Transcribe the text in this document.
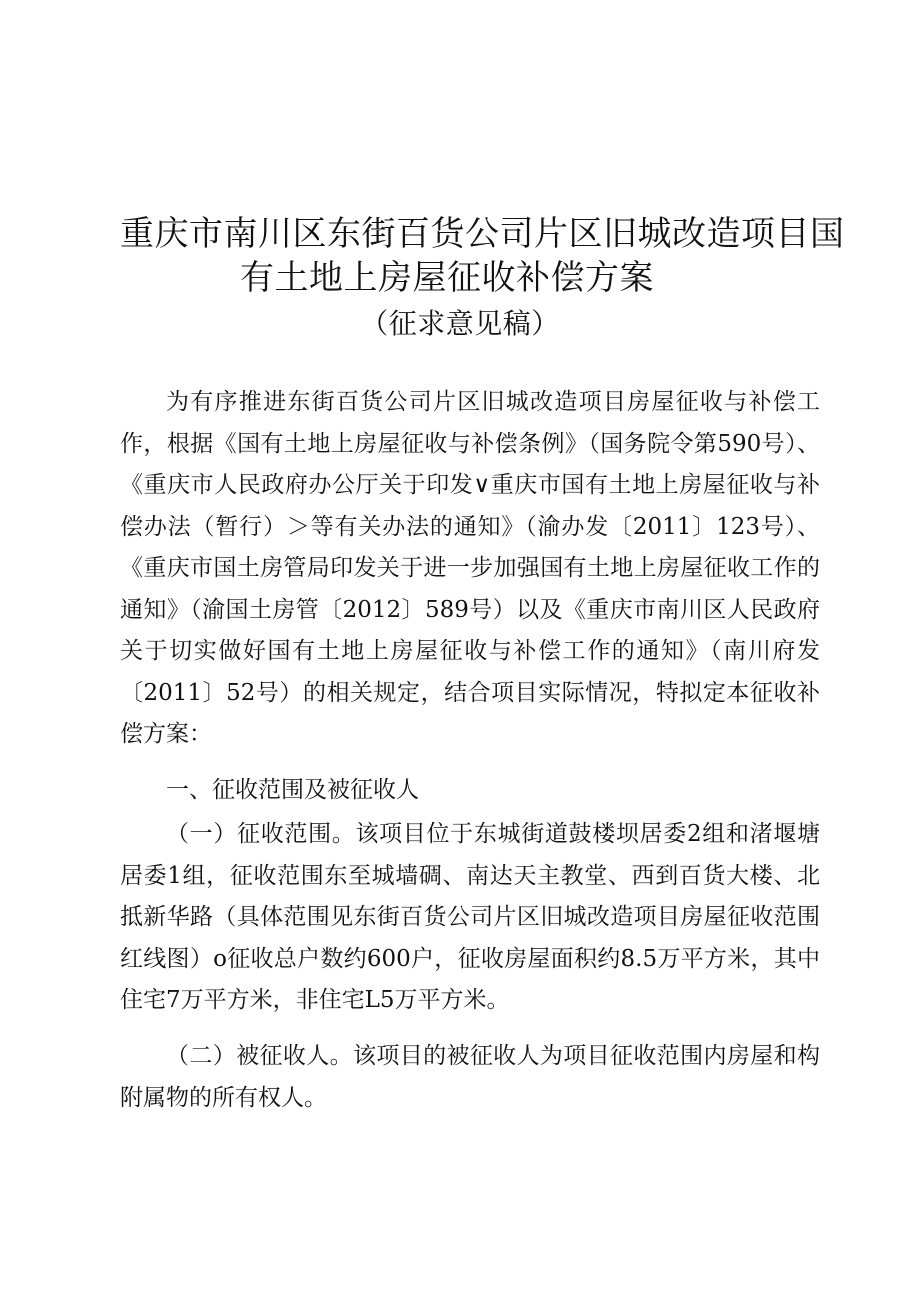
重庆市南川区东街百货公司片区旧城改造项目国
有土地上房屋征收补偿方案
（征求意见稿）

为有序推进东街百货公司片区旧城改造项目房屋征收与补偿工作，根据《国有土地上房屋征收与补偿条例》（国务院令第590号）、《重庆市人民政府办公厅关于印发∨重庆市国有土地上房屋征收与补偿办法（暂行）＞等有关办法的通知》（渝办发〔2011〕123号）、《重庆市国土房管局印发关于进一步加强国有土地上房屋征收工作的通知》（渝国土房管〔2012〕589号）以及《重庆市南川区人民政府关于切实做好国有土地上房屋征收与补偿工作的通知》（南川府发〔2011〕52号）的相关规定，结合项目实际情况，特拟定本征收补偿方案：

一、征收范围及被征收人

（一）征收范围。该项目位于东城街道鼓楼坝居委2组和渚堰塘居委1组，征收范围东至城墙碉、南达天主教堂、西到百货大楼、北抵新华路（具体范围见东街百货公司片区旧城改造项目房屋征收范围红线图）o征收总户数约600户，征收房屋面积约8.5万平方米，其中住宅7万平方米，非住宅L5万平方米。

（二）被征收人。该项目的被征收人为项目征收范围内房屋和构附属物的所有权人。
